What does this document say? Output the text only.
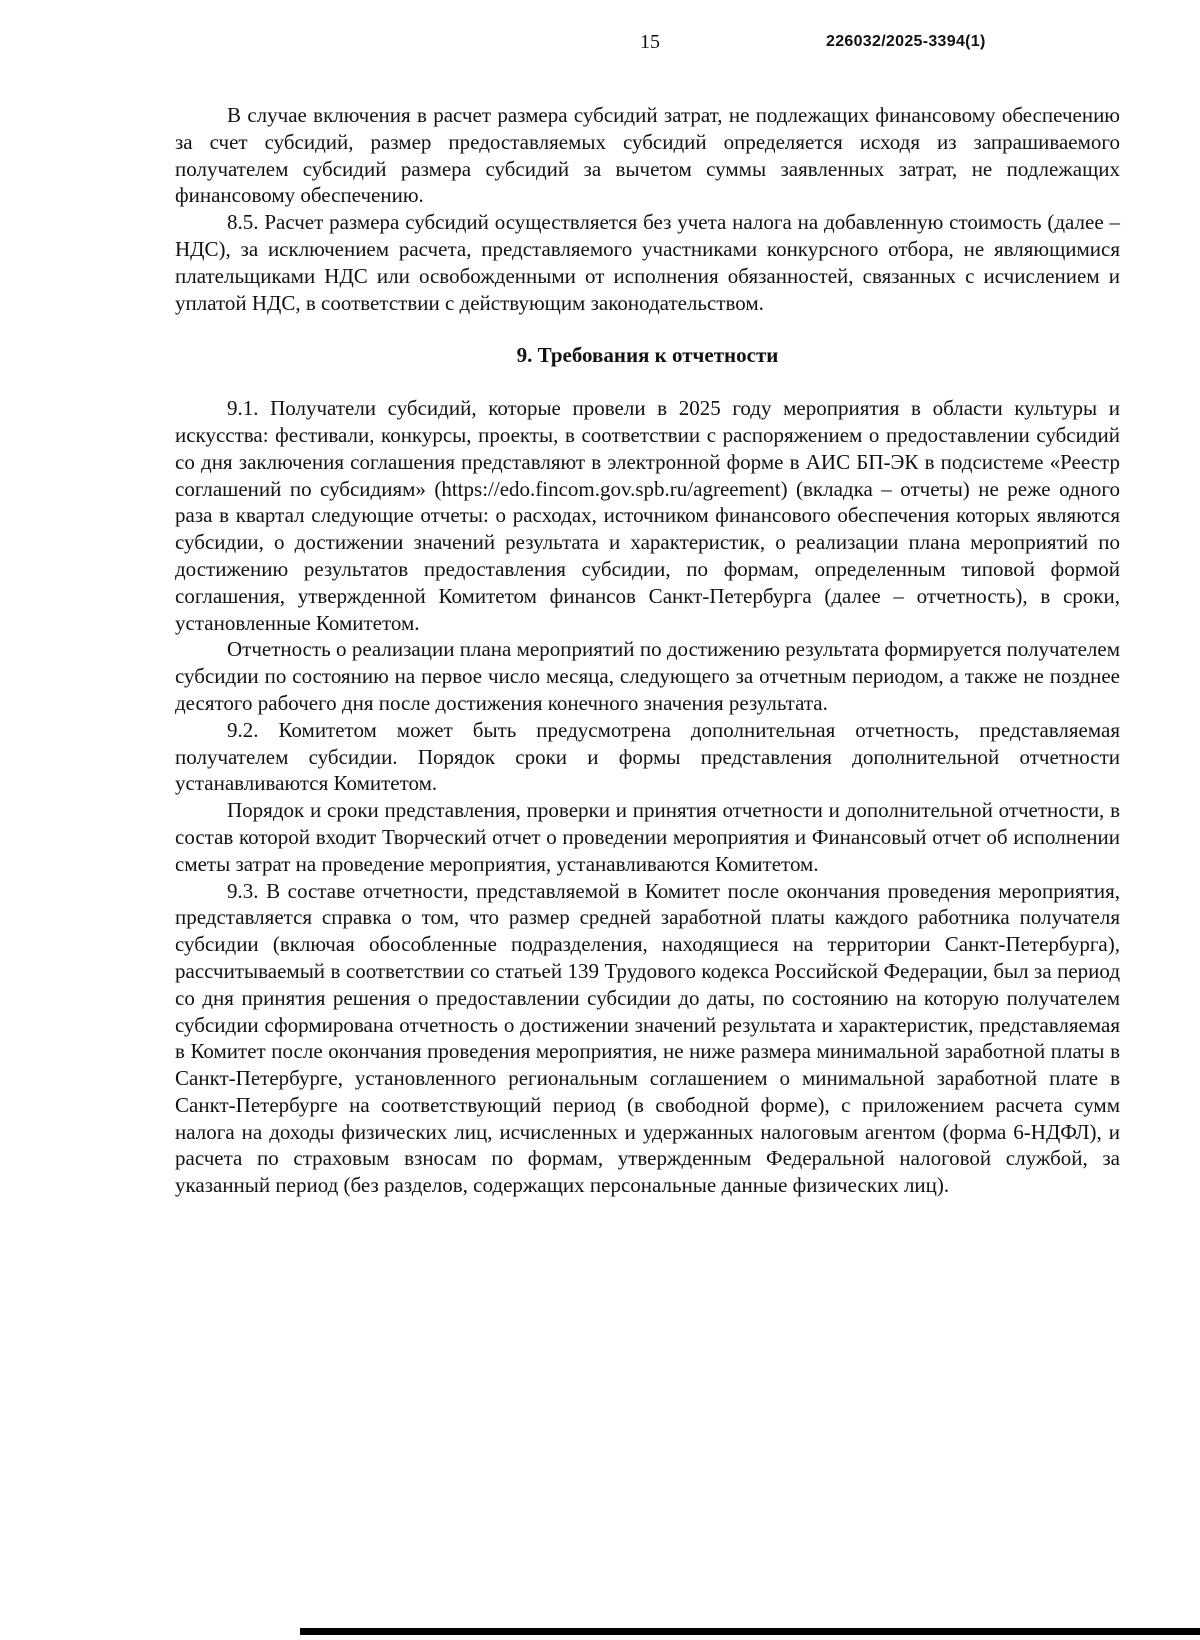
15	226032/2025-3394(1)

В случае включения в расчет размера субсидий затрат, не подлежащих финансовому обеспечению за счет субсидий, размер предоставляемых субсидий определяется исходя из запрашиваемого получателем субсидий размера субсидий за вычетом суммы заявленных затрат, не подлежащих финансовому обеспечению.

8.5. Расчет размера субсидий осуществляется без учета налога на добавленную стоимость (далее – НДС), за исключением расчета, представляемого участниками конкурсного отбора, не являющимися плательщиками НДС или освобожденными от исполнения обязанностей, связанных с исчислением и уплатой НДС, в соответствии с действующим законодательством.

9. Требования к отчетности

9.1. Получатели субсидий, которые провели в 2025 году мероприятия в области культуры и искусства: фестивали, конкурсы, проекты, в соответствии с распоряжением о предоставлении субсидий со дня заключения соглашения представляют в электронной форме в АИС БП-ЭК в подсистеме «Реестр соглашений по субсидиям» (https://edo.fincom.gov.spb.ru/agreement) (вкладка – отчеты) не реже одного раза в квартал следующие отчеты: о расходах, источником финансового обеспечения которых являются субсидии, о достижении значений результата и характеристик, о реализации плана мероприятий по достижению результатов предоставления субсидии, по формам, определенным типовой формой соглашения, утвержденной Комитетом финансов Санкт-Петербурга (далее – отчетность), в сроки, установленные Комитетом.

Отчетность о реализации плана мероприятий по достижению результата формируется получателем субсидии по состоянию на первое число месяца, следующего за отчетным периодом, а также не позднее десятого рабочего дня после достижения конечного значения результата.

9.2. Комитетом может быть предусмотрена дополнительная отчетность, представляемая получателем субсидии. Порядок сроки и формы представления дополнительной отчетности устанавливаются Комитетом.

Порядок и сроки представления, проверки и принятия отчетности и дополнительной отчетности, в состав которой входит Творческий отчет о проведении мероприятия и Финансовый отчет об исполнении сметы затрат на проведение мероприятия, устанавливаются Комитетом.

9.3. В составе отчетности, представляемой в Комитет после окончания проведения мероприятия, представляется справка о том, что размер средней заработной платы каждого работника получателя субсидии (включая обособленные подразделения, находящиеся на территории Санкт-Петербурга), рассчитываемый в соответствии со статьей 139 Трудового кодекса Российской Федерации, был за период со дня принятия решения о предоставлении субсидии до даты, по состоянию на которую получателем субсидии сформирована отчетность о достижении значений результата и характеристик, представляемая в Комитет после окончания проведения мероприятия, не ниже размера минимальной заработной платы в Санкт-Петербурге, установленного региональным соглашением о минимальной заработной плате в Санкт-Петербурге на соответствующий период (в свободной форме), с приложением расчета сумм налога на доходы физических лиц, исчисленных и удержанных налоговым агентом (форма 6-НДФЛ), и расчета по страховым взносам по формам, утвержденным Федеральной налоговой службой, за указанный период (без разделов, содержащих персональные данные физических лиц).
